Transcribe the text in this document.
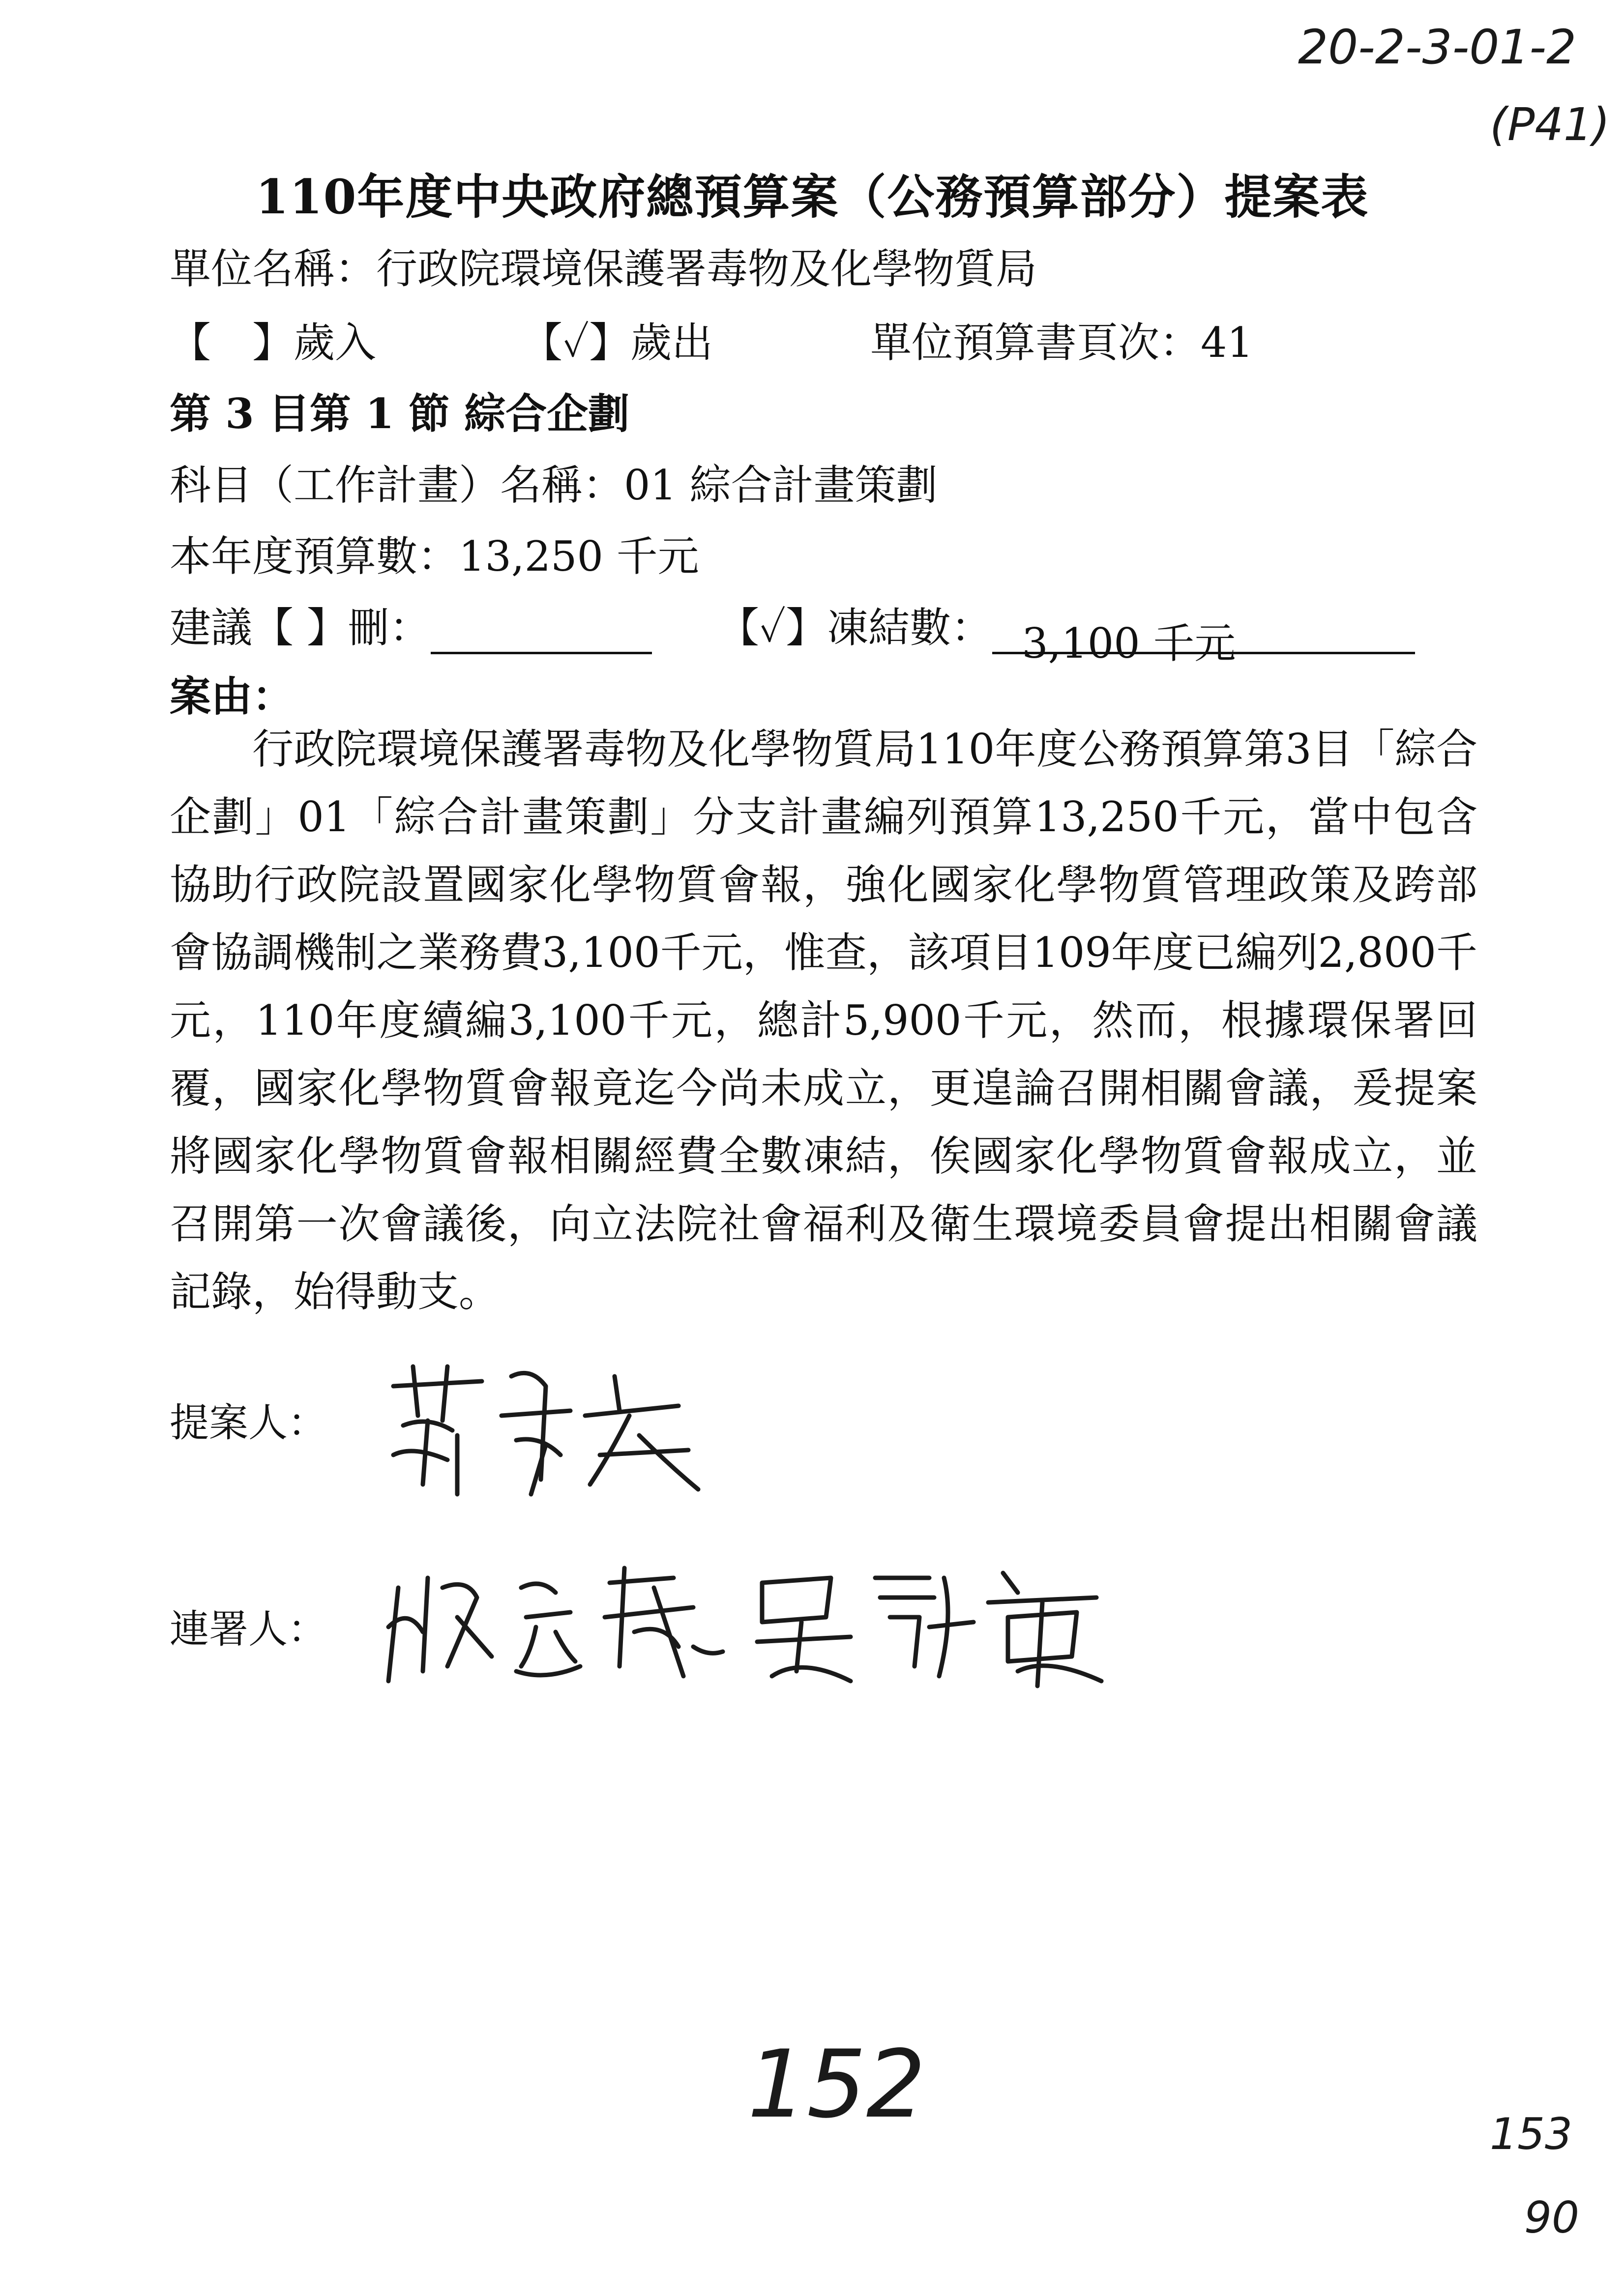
20-2-3-01-2
(P41)
110年度中央政府總預算案（公務預算部分）提案表
單位名稱：行政院環境保護署毒物及化學物質局
【　】歲入	【✓】歲出	單位預算書頁次：41
第 3 目第 1 節 綜合企劃
科目（工作計畫）名稱：01 綜合計畫策劃
本年度預算數：13,250 千元
建議【 】刪：	【✓】凍結數： 3,100 千元
案由：
行政院環境保護署毒物及化學物質局110年度公務預算第3目「綜合企劃」01「綜合計畫策劃」分支計畫編列預算13,250千元，當中包含協助行政院設置國家化學物質會報，強化國家化學物質管理政策及跨部會協調機制之業務費3,100千元，惟查，該項目109年度已編列2,800千元，110年度續編3,100千元，總計5,900千元，然而，根據環保署回覆，國家化學物質會報竟迄今尚未成立，更遑論召開相關會議，爰提案將國家化學物質會報相關經費全數凍結，俟國家化學物質會報成立，並召開第一次會議後，向立法院社會福利及衛生環境委員會提出相關會議記錄，始得動支。
提案人：
連署人：
152	153
90
